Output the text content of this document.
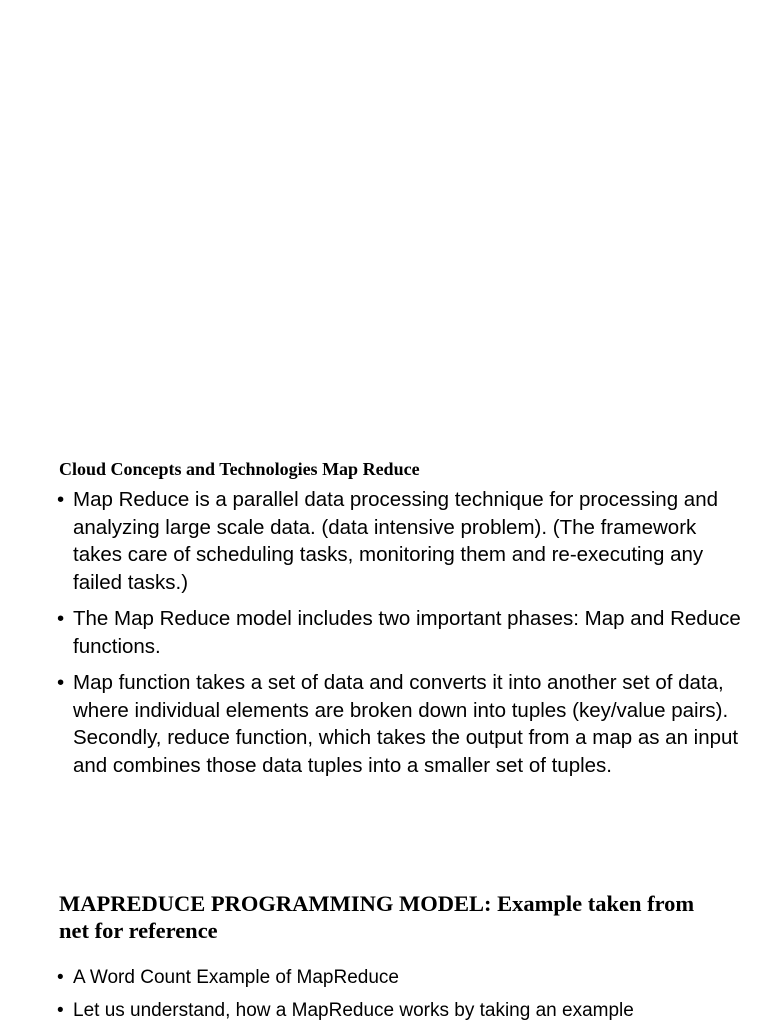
Cloud Concepts and Technologies Map Reduce
• Map Reduce is a parallel data processing technique for processing and analyzing large scale data. (data intensive problem). (The framework takes care of scheduling tasks, monitoring them and re-executing any failed tasks.)
• The Map Reduce model includes two important phases: Map and Reduce functions.
• Map function takes a set of data and converts it into another set of data, where individual elements are broken down into tuples (key/value pairs). Secondly, reduce function, which takes the output from a map as an input and combines those data tuples into a smaller set of tuples.
MAPREDUCE PROGRAMMING MODEL: Example taken from net for reference
• A Word Count Example of MapReduce
• Let us understand, how a MapReduce works by taking an example
